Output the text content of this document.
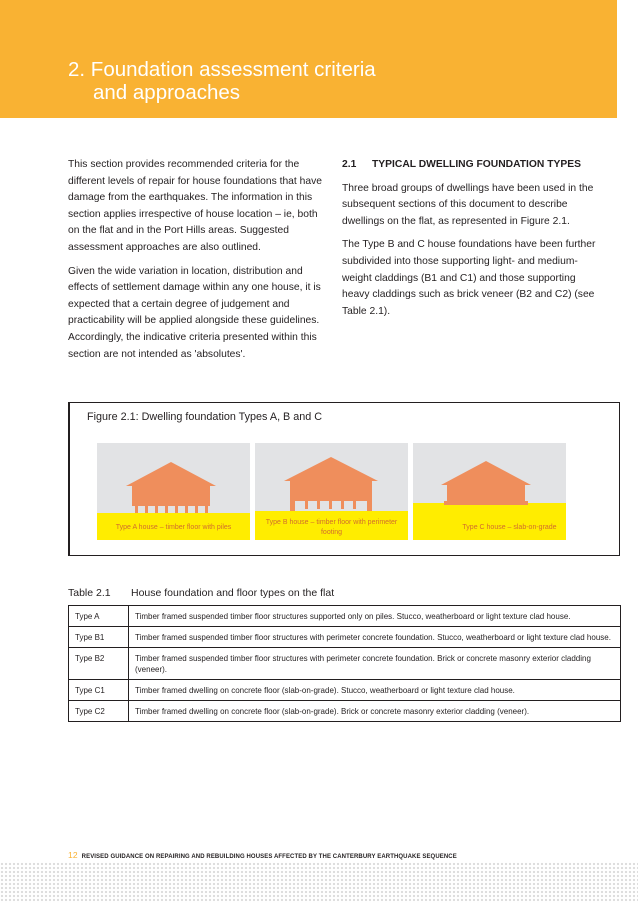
2. Foundation assessment criteria
and approaches

This section provides recommended criteria for the different levels of repair for house foundations that have damage from the earthquakes. The information in this section applies irrespective of house location – ie, both on the flat and in the Port Hills areas. Suggested assessment approaches are also outlined.

Given the wide variation in location, distribution and effects of settlement damage within any one house, it is expected that a certain degree of judgement and practicability will be applied alongside these guidelines. Accordingly, the indicative criteria presented within this section are not intended as 'absolutes'.

2.1 TYPICAL DWELLING FOUNDATION TYPES

Three broad groups of dwellings have been used in the subsequent sections of this document to describe dwellings on the flat, as represented in Figure 2.1.

The Type B and C house foundations have been further subdivided into those supporting light- and medium-weight claddings (B1 and C1) and those supporting heavy claddings such as brick veneer (B2 and C2) (see Table 2.1).

Figure 2.1: Dwelling foundation Types A, B and C
Type A house – timber floor with piles
Type B house – timber floor with perimeter footing
Type C house – slab-on-grade
Table 2.1 House foundation and floor types on the flat
Type A	Timber framed suspended timber floor structures supported only on piles. Stucco, weatherboard or light texture clad house.
Type B1	Timber framed suspended timber floor structures with perimeter concrete foundation. Stucco, weatherboard or light texture clad house.
Type B2	Timber framed suspended timber floor structures with perimeter concrete foundation. Brick or concrete masonry exterior cladding (veneer).
Type C1	Timber framed dwelling on concrete floor (slab-on-grade). Stucco, weatherboard or light texture clad house.
Type C2	Timber framed dwelling on concrete floor (slab-on-grade). Brick or concrete masonry exterior cladding (veneer).
12 REVISED GUIDANCE ON REPAIRING AND REBUILDING HOUSES AFFECTED BY THE CANTERBURY EARTHQUAKE SEQUENCE
